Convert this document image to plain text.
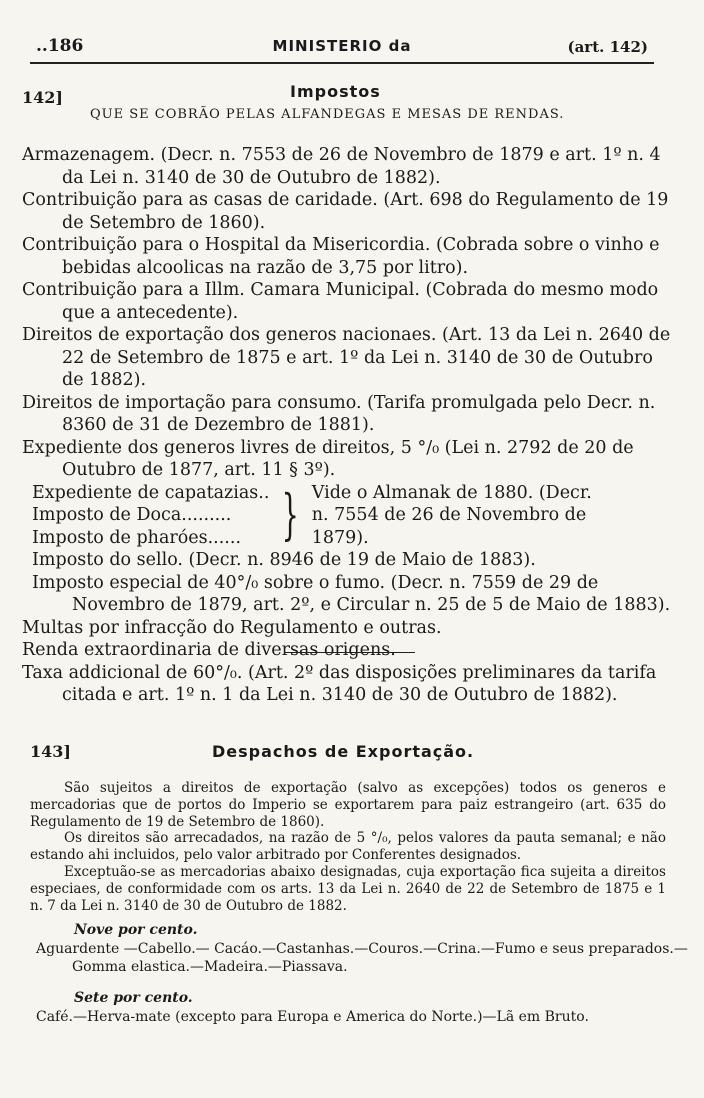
..186	MINISTERIO da	(art. 142)
142]	Impostos
QUE SE COBRÃO PELAS ALFANDEGAS E MESAS DE RENDAS.
Armazenagem. (Decr. n. 7553 de 26 de Novembro de 1879 e art. 1º n. 4 da Lei n. 3140 de 30 de Outubro de 1882).
Contribuição para as casas de caridade. (Art. 698 do Regulamento de 19 de Setembro de 1860).
Contribuição para o Hospital da Misericordia. (Cobrada sobre o vinho e bebidas alcoolicas na razão de 3,75 por litro).
Contribuição para a Illm. Camara Municipal. (Cobrada do mesmo modo que a antecedente).
Direitos de exportação dos generos nacionaes. (Art. 13 da Lei n. 2640 de 22 de Setembro de 1875 e art. 1º da Lei n. 3140 de 30 de Outubro de 1882).
Direitos de importação para consumo. (Tarifa promulgada pelo Decr. n. 8360 de 31 de Dezembro de 1881).
Expediente dos generos livres de direitos, 5 °/₀ (Lei n. 2792 de 20 de Outubro de 1877, art. 11 § 3º).
Expediente de capatazias..
Imposto de Doca.........
Imposto de pharóes...... } Vide o Almanak de 1880. (Decr. n. 7554 de 26 de Novembro de 1879).
Imposto do sello. (Decr. n. 8946 de 19 de Maio de 1883).
Imposto especial de 40°/₀ sobre o fumo. (Decr. n. 7559 de 29 de Novembro de 1879, art. 2º, e Circular n. 25 de 5 de Maio de 1883).
Multas por infracção do Regulamento e outras.
Renda extraordinaria de diversas origens.
Taxa addicional de 60°/₀. (Art. 2º das disposições preliminares da tarifa citada e art. 1º n. 1 da Lei n. 3140 de 30 de Outubro de 1882).
143]	Despachos de Exportação.
São sujeitos a direitos de exportação (salvo as excepções) todos os generos e mercadorias que de portos do Imperio se exportarem para paiz estrangeiro (art. 635 do Regulamento de 19 de Setembro de 1860).
Os direitos são arrecadados, na razão de 5 °/₀, pelos valores da pauta semanal; e não estando ahi incluidos, pelo valor arbitrado por Conferentes designados.
Exceptuão-se as mercadorias abaixo designadas, cuja exportação fica sujeita a direitos especiaes, de conformidade com os arts. 13 da Lei n. 2640 de 22 de Setembro de 1875 e 1 n. 7 da Lei n. 3140 de 30 de Outubro de 1882.
Nove por cento.
Aguardente —Cabello.— Cacáo.—Castanhas.—Couros.—Crina.—Fumo e seus preparados.—Gomma elastica.—Madeira.—Piassava.
Sete por cento.
Café.—Herva-mate (excepto para Europa e America do Norte.)—Lã em Bruto.
